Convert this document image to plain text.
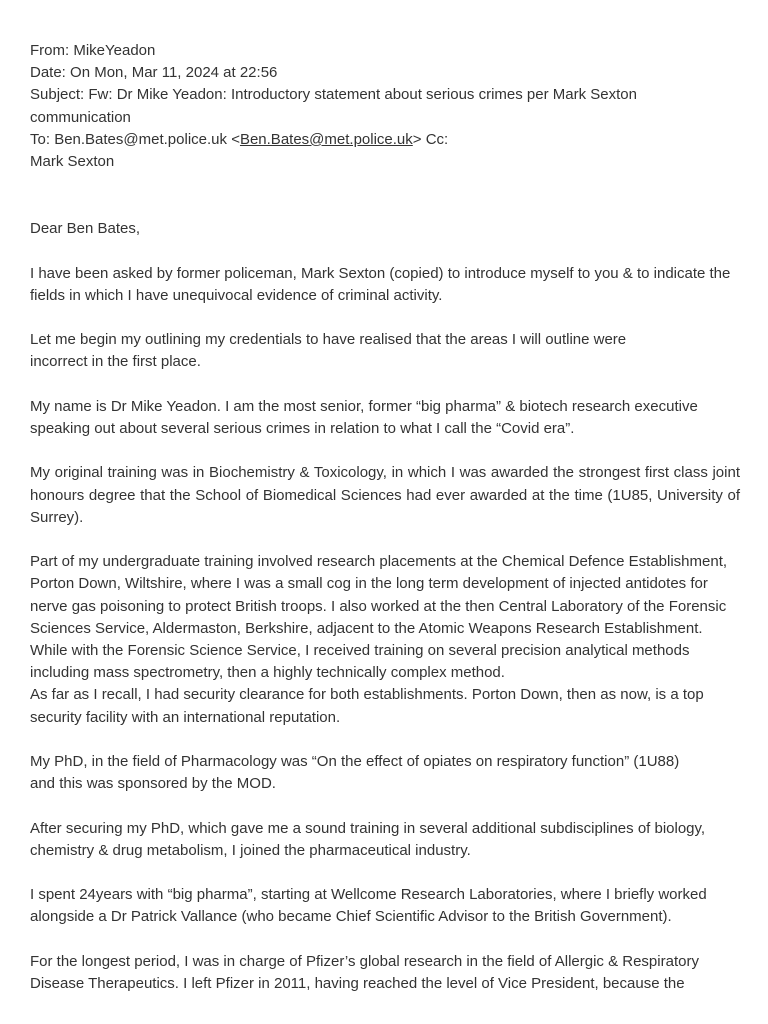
From: MikeYeadon
Date: On Mon, Mar 11, 2024 at 22:56
Subject: Fw: Dr Mike Yeadon: Introductory statement about serious crimes per Mark Sexton
communication
To: Ben.Bates@met.police.uk <Ben.Bates@met.police.uk> Cc:
Mark Sexton

Dear Ben Bates,

I have been asked by former policeman, Mark Sexton (copied) to introduce myself to you & to indicate the fields in which I have unequivocal evidence of criminal activity.

Let me begin my outlining my credentials to have realised that the areas I will outline were
incorrect in the first place.

My name is Dr Mike Yeadon. I am the most senior, former “big pharma” & biotech research executive speaking out about several serious crimes in relation to what I call the “Covid era”.

My original training was in Biochemistry & Toxicology, in which I was awarded the strongest first class joint honours degree that the School of Biomedical Sciences had ever awarded at the time (1U85, University of Surrey).

Part of my undergraduate training involved research placements at the Chemical Defence Establishment,
Porton Down, Wiltshire, where I was a small cog in the long term development of injected antidotes for
nerve gas poisoning to protect British troops. I also worked at the then Central Laboratory of the Forensic
Sciences Service, Aldermaston, Berkshire, adjacent to the Atomic Weapons Research Establishment.
While with the Forensic Science Service, I received training on several precision analytical methods
including mass spectrometry, then a highly technically complex method.
As far as I recall, I had security clearance for both establishments. Porton Down, then as now, is a top
security facility with an international reputation.

My PhD, in the field of Pharmacology was “On the effect of opiates on respiratory function” (1U88)
and this was sponsored by the MOD.

After securing my PhD, which gave me a sound training in several additional subdisciplines of biology,
chemistry & drug metabolism, I joined the pharmaceutical industry.

I spent 24years with “big pharma”, starting at Wellcome Research Laboratories, where I briefly worked
alongside a Dr Patrick Vallance (who became Chief Scientific Advisor to the British Government).

For the longest period, I was in charge of Pfizer’s global research in the field of Allergic & Respiratory
Disease Therapeutics. I left Pfizer in 2011, having reached the level of Vice President, because the
